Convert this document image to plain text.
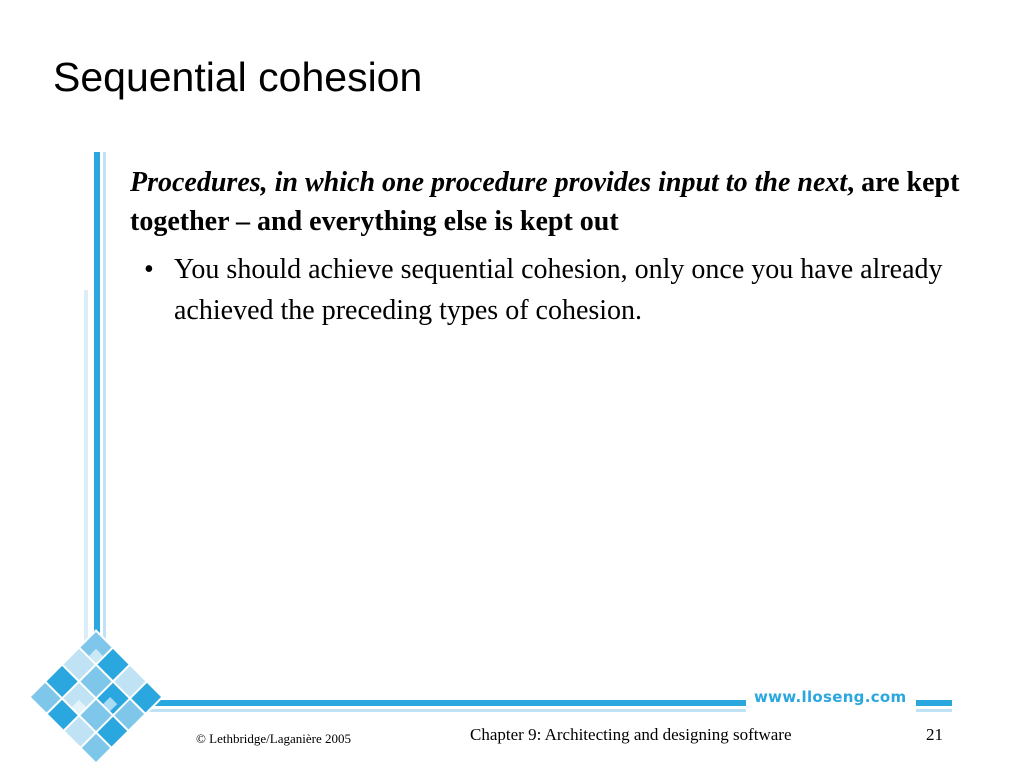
Sequential cohesion

Procedures, in which one procedure provides input to the next, are kept together – and everything else is kept out

• You should achieve sequential cohesion, only once you have already achieved the preceding types of cohesion.
www.lloseng.com
© Lethbridge/Laganière 2005	Chapter 9: Architecting and designing software	21
